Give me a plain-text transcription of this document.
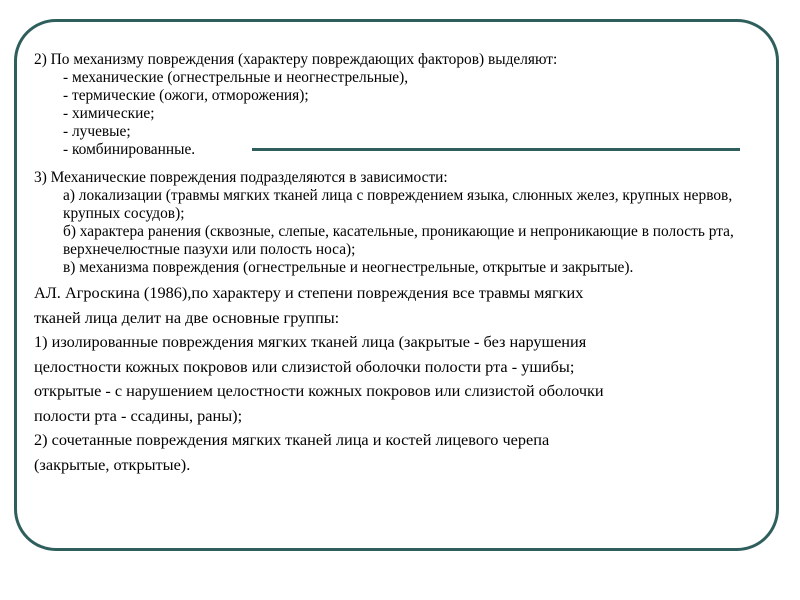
2) По механизму повреждения (характеру повреждающих факторов) выделяют:
- механические (огнестрельные и неогнестрельные),
- термические (ожоги, отморожения);
- химические;
- лучевые;
- комбинированные.
3) Механические повреждения подразделяются в зависимости:
а) локализации (травмы мягких тканей лица с повреждением языка, слюнных желез, крупных нервов, крупных сосудов);
б) характера ранения (сквозные, слепые, касательные, проникающие и непроникающие в полость рта, верхнечелюстные пазухи или полость носа);
в) механизма повреждения (огнестрельные и неогнестрельные, открытые и закрытые).
АЛ. Агроскина (1986),по характеру и степени повреждения все травмы мягких
тканей лица делит на две основные группы:
1) изолированные повреждения мягких тканей лица (закрытые - без нарушения
целостности кожных покровов или слизистой оболочки полости рта - ушибы;
открытые - с нарушением целостности кожных покровов или слизистой оболочки
полости рта - ссадины, раны);
2) сочетанные повреждения мягких тканей лица и костей лицевого черепа
(закрытые, открытые).
